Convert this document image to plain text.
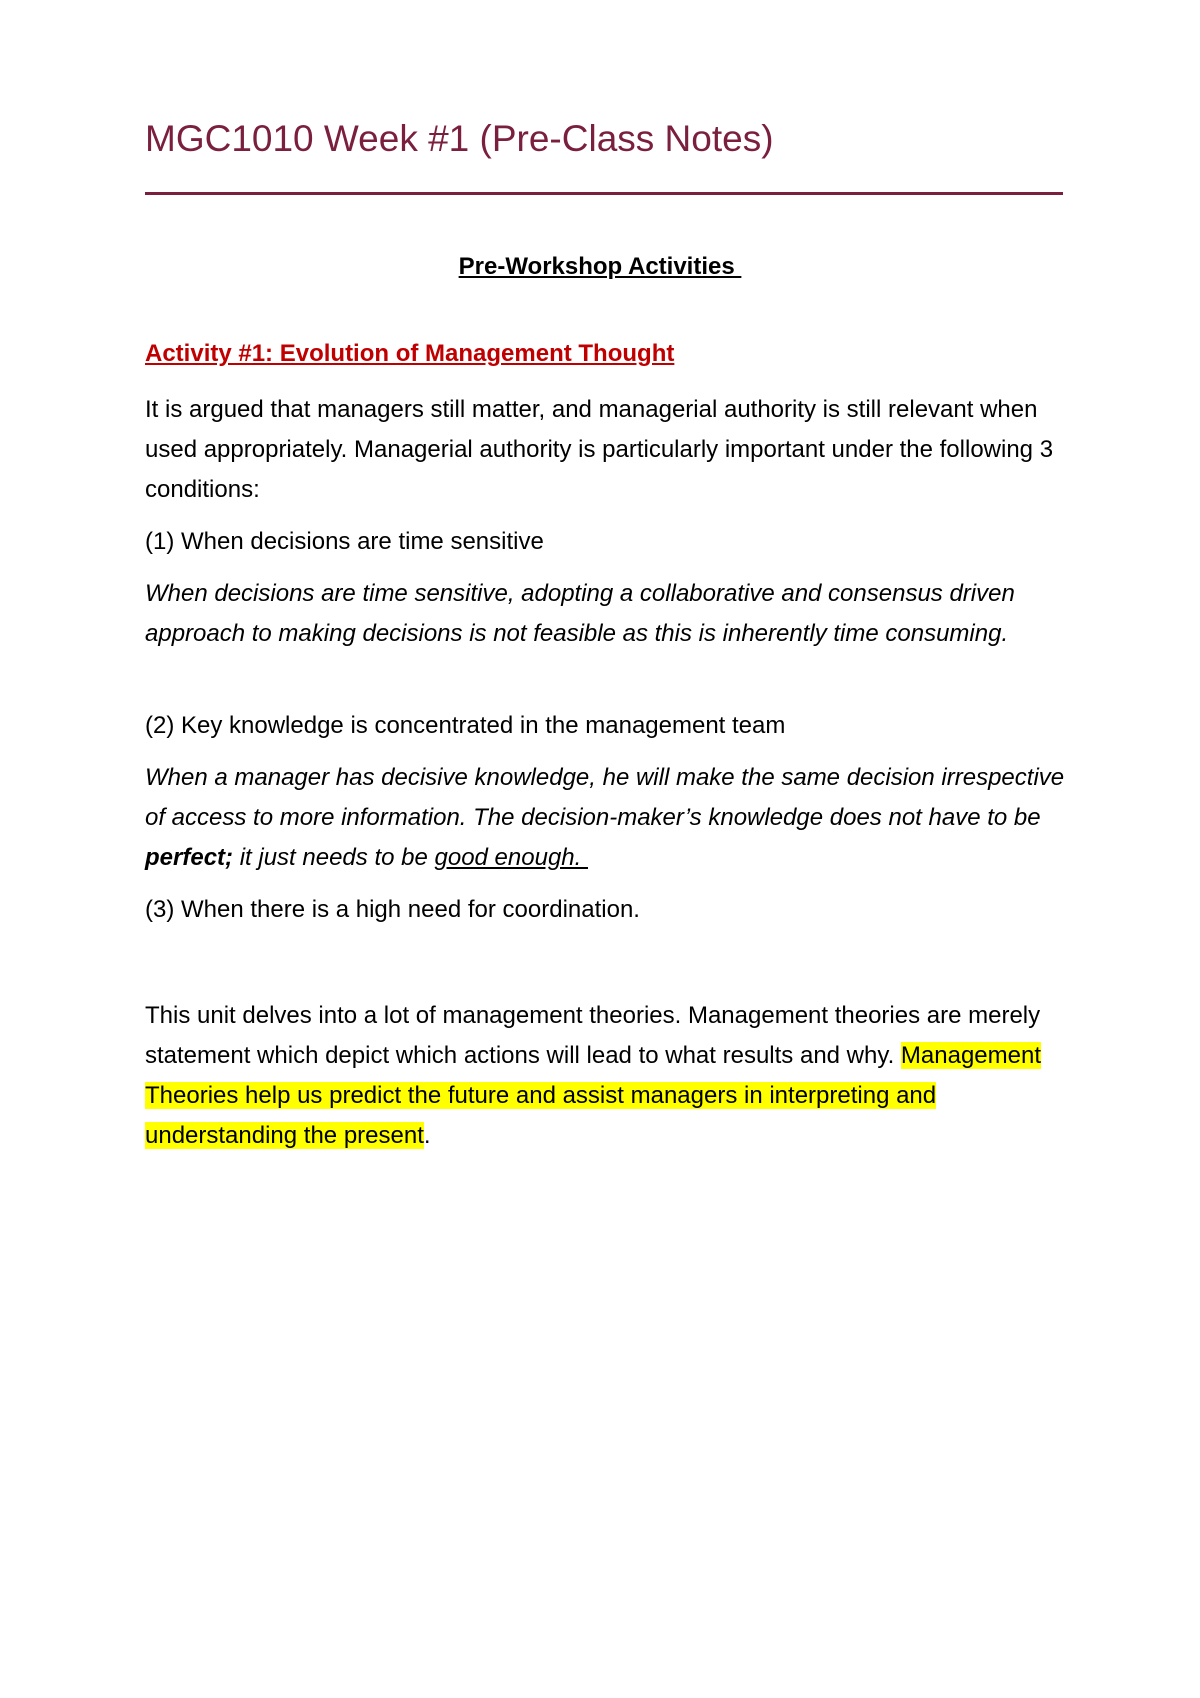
MGC1010 Week #1 (Pre-Class Notes)
Pre-Workshop Activities
Activity #1: Evolution of Management Thought
It is argued that managers still matter, and managerial authority is still relevant when used appropriately. Managerial authority is particularly important under the following 3 conditions:
(1) When decisions are time sensitive
When decisions are time sensitive, adopting a collaborative and consensus driven approach to making decisions is not feasible as this is inherently time consuming.
(2) Key knowledge is concentrated in the management team
When a manager has decisive knowledge, he will make the same decision irrespective of access to more information. The decision-maker’s knowledge does not have to be perfect; it just needs to be good enough.
(3) When there is a high need for coordination.
This unit delves into a lot of management theories. Management theories are merely statement which depict which actions will lead to what results and why. Management Theories help us predict the future and assist managers in interpreting and understanding the present.
